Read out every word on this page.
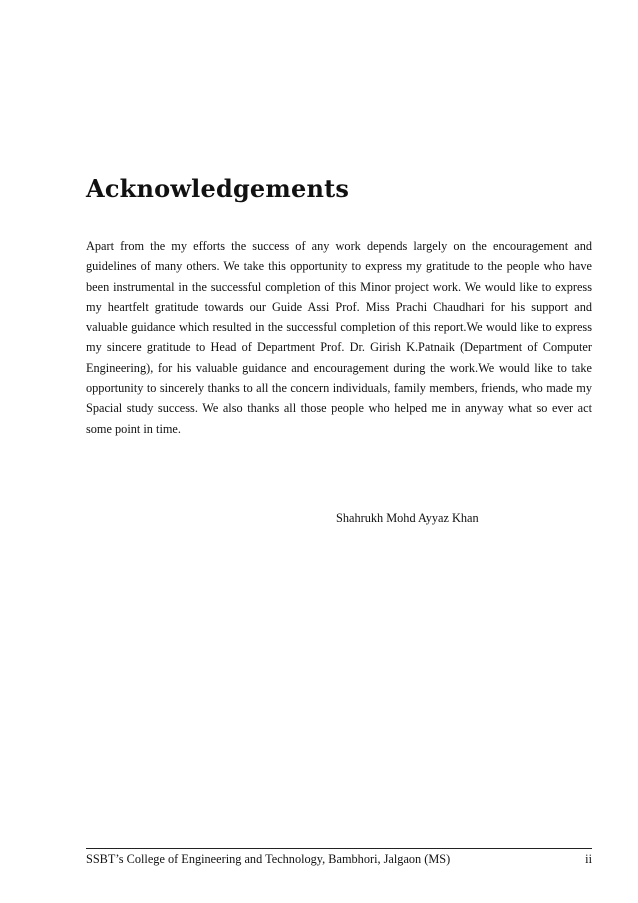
Acknowledgements

Apart from the my efforts the success of any work depends largely on the encouragement and guidelines of many others. We take this opportunity to express my gratitude to the people who have been instrumental in the successful completion of this Minor project work. We would like to express my heartfelt gratitude towards our Guide Assi Prof. Miss Prachi Chaudhari for his support and valuable guidance which resulted in the successful completion of this report.We would like to express my sincere gratitude to Head of Department Prof. Dr. Girish K.Patnaik (Department of Computer Engineering), for his valuable guidance and encouragement during the work.We would like to take opportunity to sincerely thanks to all the concern individuals, family members, friends, who made my Spacial study success. We also thanks all those people who helped me in anyway what so ever act some point in time.

Shahrukh Mohd Ayyaz Khan

SSBT’s College of Engineering and Technology, Bambhori, Jalgaon (MS)	ii
